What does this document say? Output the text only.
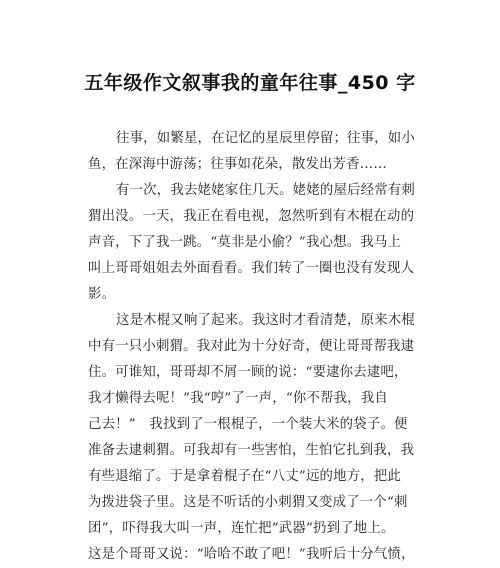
五年级作文叙事我的童年往事_450 字
往事，如繁星，在记忆的星辰里停留；往事，如小
鱼，在深海中游荡；往事如花朵，散发出芳香……
有一次，我去姥姥家住几天。姥姥的屋后经常有刺
猬出没。一天，我正在看电视，忽然听到有木棍在动的
声音，下了我一跳。“莫非是小偷？”我心想。我马上
叫上哥哥姐姐去外面看看。我们转了一圈也没有发现人
影。
这是木棍又响了起来。我这时才看清楚，原来木棍
中有一只小刺猬。我对此为十分好奇，便让哥哥帮我逮
住。可谁知，哥哥却不屑一顾的说：“要逮你去逮吧，
我才懒得去呢！”我“哼”了一声，“你不帮我，我自
己去！”　我找到了一根棍子，一个装大米的袋子。便
准备去逮刺猬。可我却有一些害怕，生怕它扎到我，我
有些退缩了。于是拿着棍子在“八丈”远的地方，把此
为拨进袋子里。这是不听话的小刺猬又变成了一个“刺
团”，吓得我大叫一声，连忙把“武器”扔到了地上。
这是个哥哥又说：“哈哈不敢了吧！”我听后十分气愤，
